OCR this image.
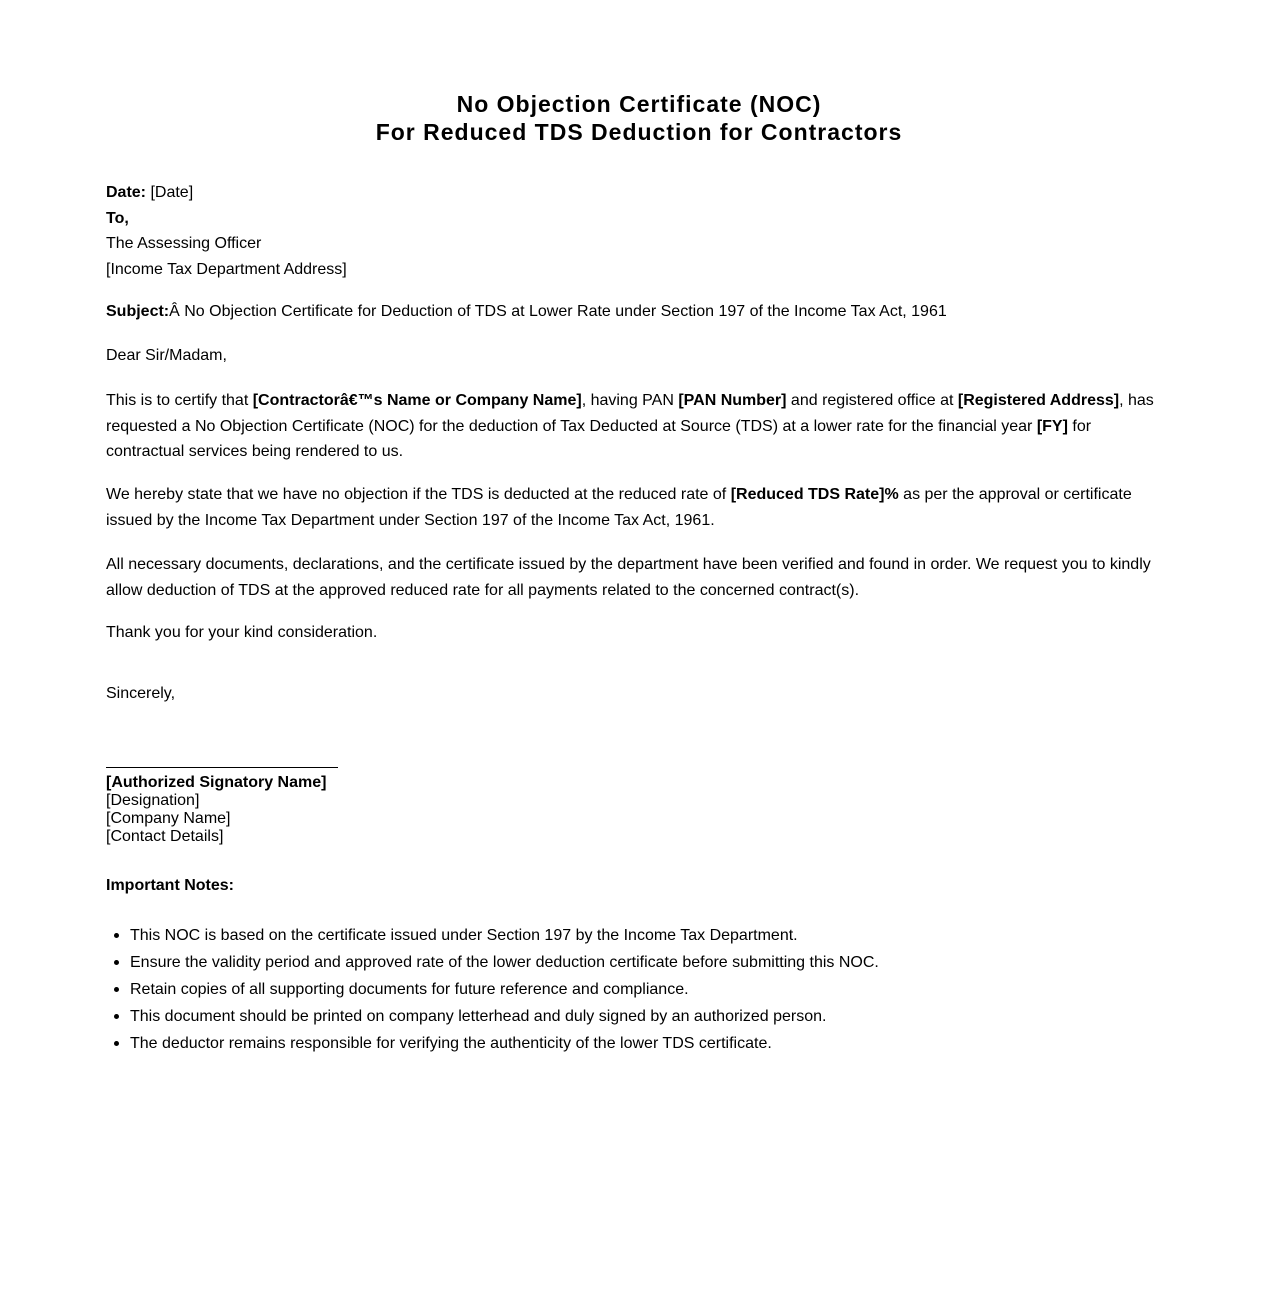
No Objection Certificate (NOC)
For Reduced TDS Deduction for Contractors
Date: [Date]
To,
The Assessing Officer
[Income Tax Department Address]
Subject:Â No Objection Certificate for Deduction of TDS at Lower Rate under Section 197 of the Income Tax Act, 1961
Dear Sir/Madam,
This is to certify that [Contractorâ€™s Name or Company Name], having PAN [PAN Number] and registered office at [Registered Address], has requested a No Objection Certificate (NOC) for the deduction of Tax Deducted at Source (TDS) at a lower rate for the financial year [FY] for contractual services being rendered to us.
We hereby state that we have no objection if the TDS is deducted at the reduced rate of [Reduced TDS Rate]% as per the approval or certificate issued by the Income Tax Department under Section 197 of the Income Tax Act, 1961.
All necessary documents, declarations, and the certificate issued by the department have been verified and found in order. We request you to kindly allow deduction of TDS at the approved reduced rate for all payments related to the concerned contract(s).
Thank you for your kind consideration.
Sincerely,
[Authorized Signatory Name]
[Designation]
[Company Name]
[Contact Details]
Important Notes:
This NOC is based on the certificate issued under Section 197 by the Income Tax Department.
Ensure the validity period and approved rate of the lower deduction certificate before submitting this NOC.
Retain copies of all supporting documents for future reference and compliance.
This document should be printed on company letterhead and duly signed by an authorized person.
The deductor remains responsible for verifying the authenticity of the lower TDS certificate.
